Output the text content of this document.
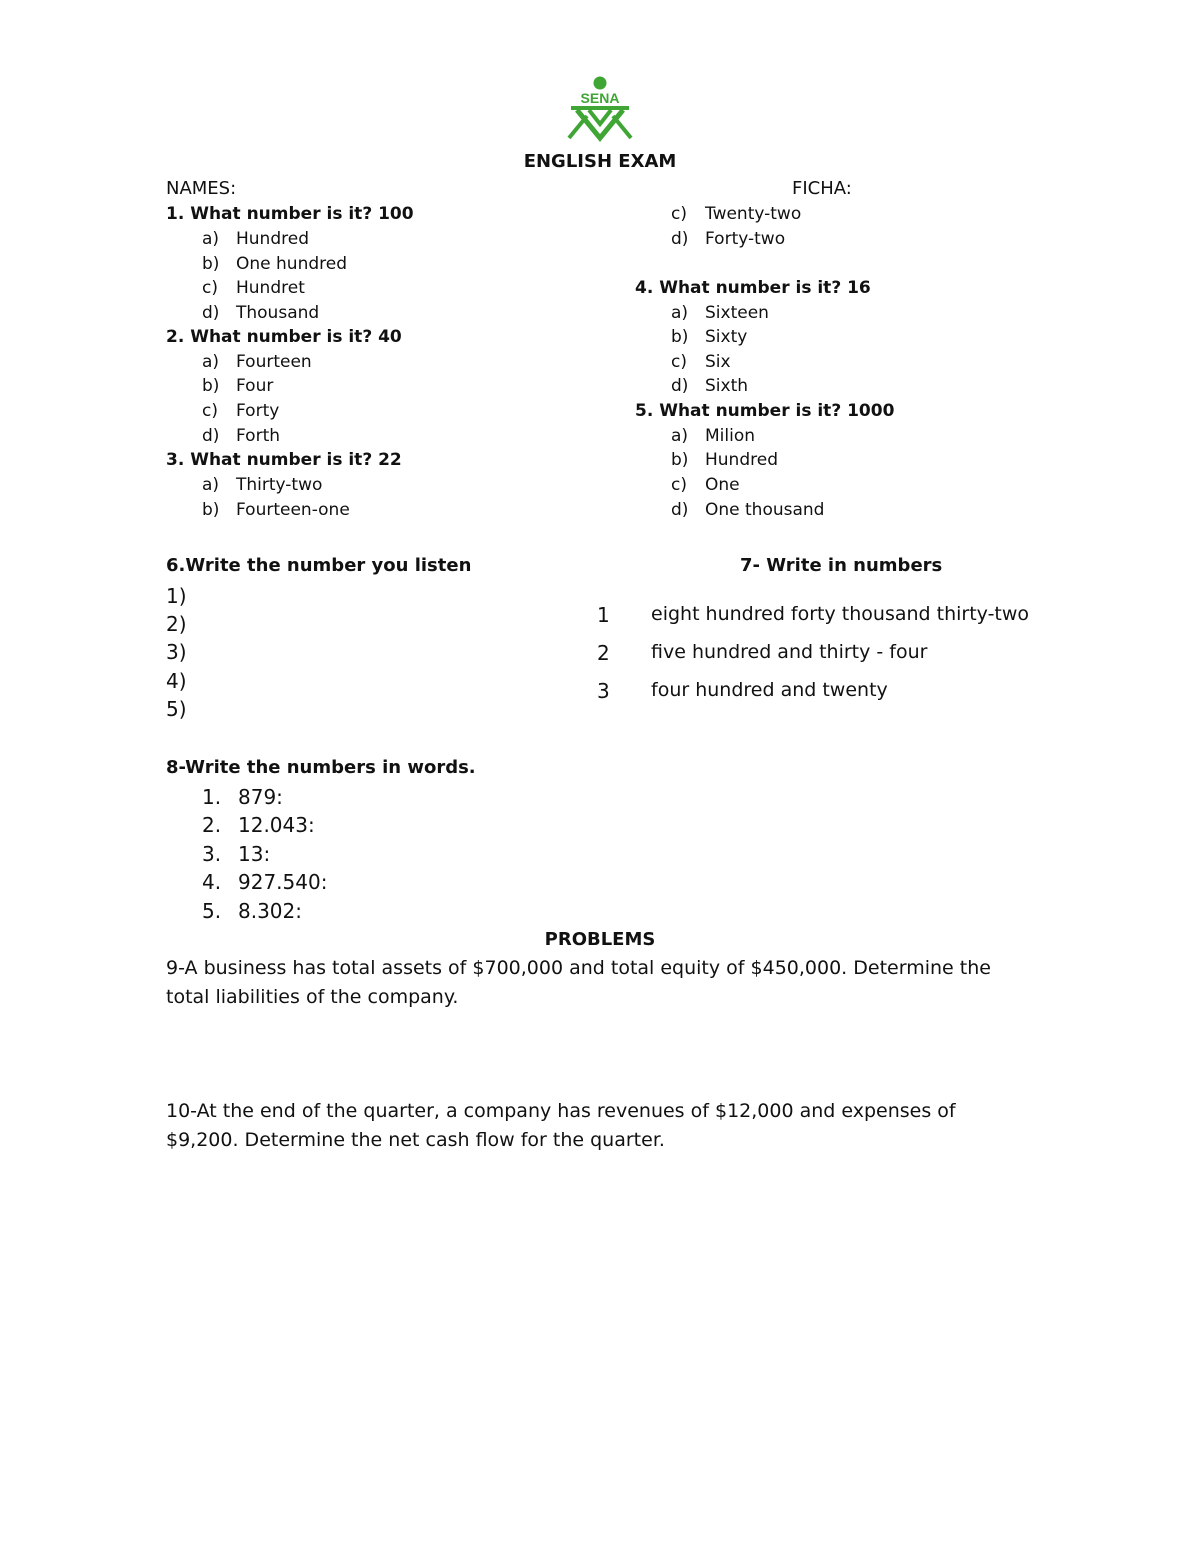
SENA
ENGLISH EXAM
NAMES:	FICHA:
1. What number is it? 100
a) Hundred
b) One hundred
c) Hundret
d) Thousand
2. What number is it? 40
a) Fourteen
b) Four
c) Forty
d) Forth
3. What number is it? 22
a) Thirty-two
b) Fourteen-one
c) Twenty-two
d) Forty-two
4. What number is it? 16
a) Sixteen
b) Sixty
c) Six
d) Sixth
5. What number is it? 1000
a) Milion
b) Hundred
c) One
d) One thousand
6.Write the number you listen
1)
2)
3)
4)
5)
7- Write in numbers
1 eight hundred forty thousand thirty-two
2 five hundred and thirty - four
3 four hundred and twenty
8-Write the numbers in words.
1. 879:
2. 12.043:
3. 13:
4. 927.540:
5. 8.302:
PROBLEMS
9-A business has total assets of $700,000 and total equity of $450,000. Determine the
total liabilities of the company.
10-At the end of the quarter, a company has revenues of $12,000 and expenses of
$9,200. Determine the net cash flow for the quarter.
